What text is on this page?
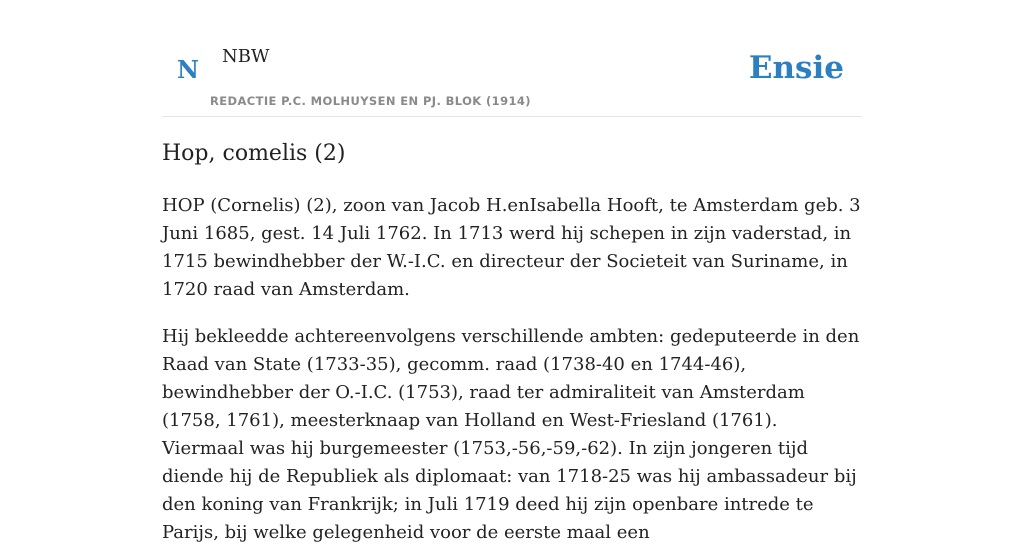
N NBW
REDACTIE P.C. MOLHUYSEN EN PJ. BLOK (1914)
Ensie
Hop, comelis (2)

HOP (Cornelis) (2), zoon van Jacob H.enIsabella Hooft, te Amsterdam geb. 3 Juni 1685, gest. 14 Juli 1762. In 1713 werd hij schepen in zijn vaderstad, in 1715 bewindhebber der W.-I.C. en directeur der Societeit van Suriname, in 1720 raad van Amsterdam.

Hij bekleedde achtereenvolgens verschillende ambten: gedeputeerde in den Raad van State (1733-35), gecomm. raad (1738-40 en 1744-46), bewindhebber der O.-I.C. (1753), raad ter admiraliteit van Amsterdam (1758, 1761), meesterknaap van Holland en West-Friesland (1761). Viermaal was hij burgemeester (1753,-56,-59,-62). In zijn jongeren tijd diende hij de Republiek als diplomaat: van 1718-25 was hij ambassadeur bij den koning van Frankrijk; in Juli 1719 deed hij zijn openbare intrede te Parijs, bij welke gelegenheid voor de eerste maal een
